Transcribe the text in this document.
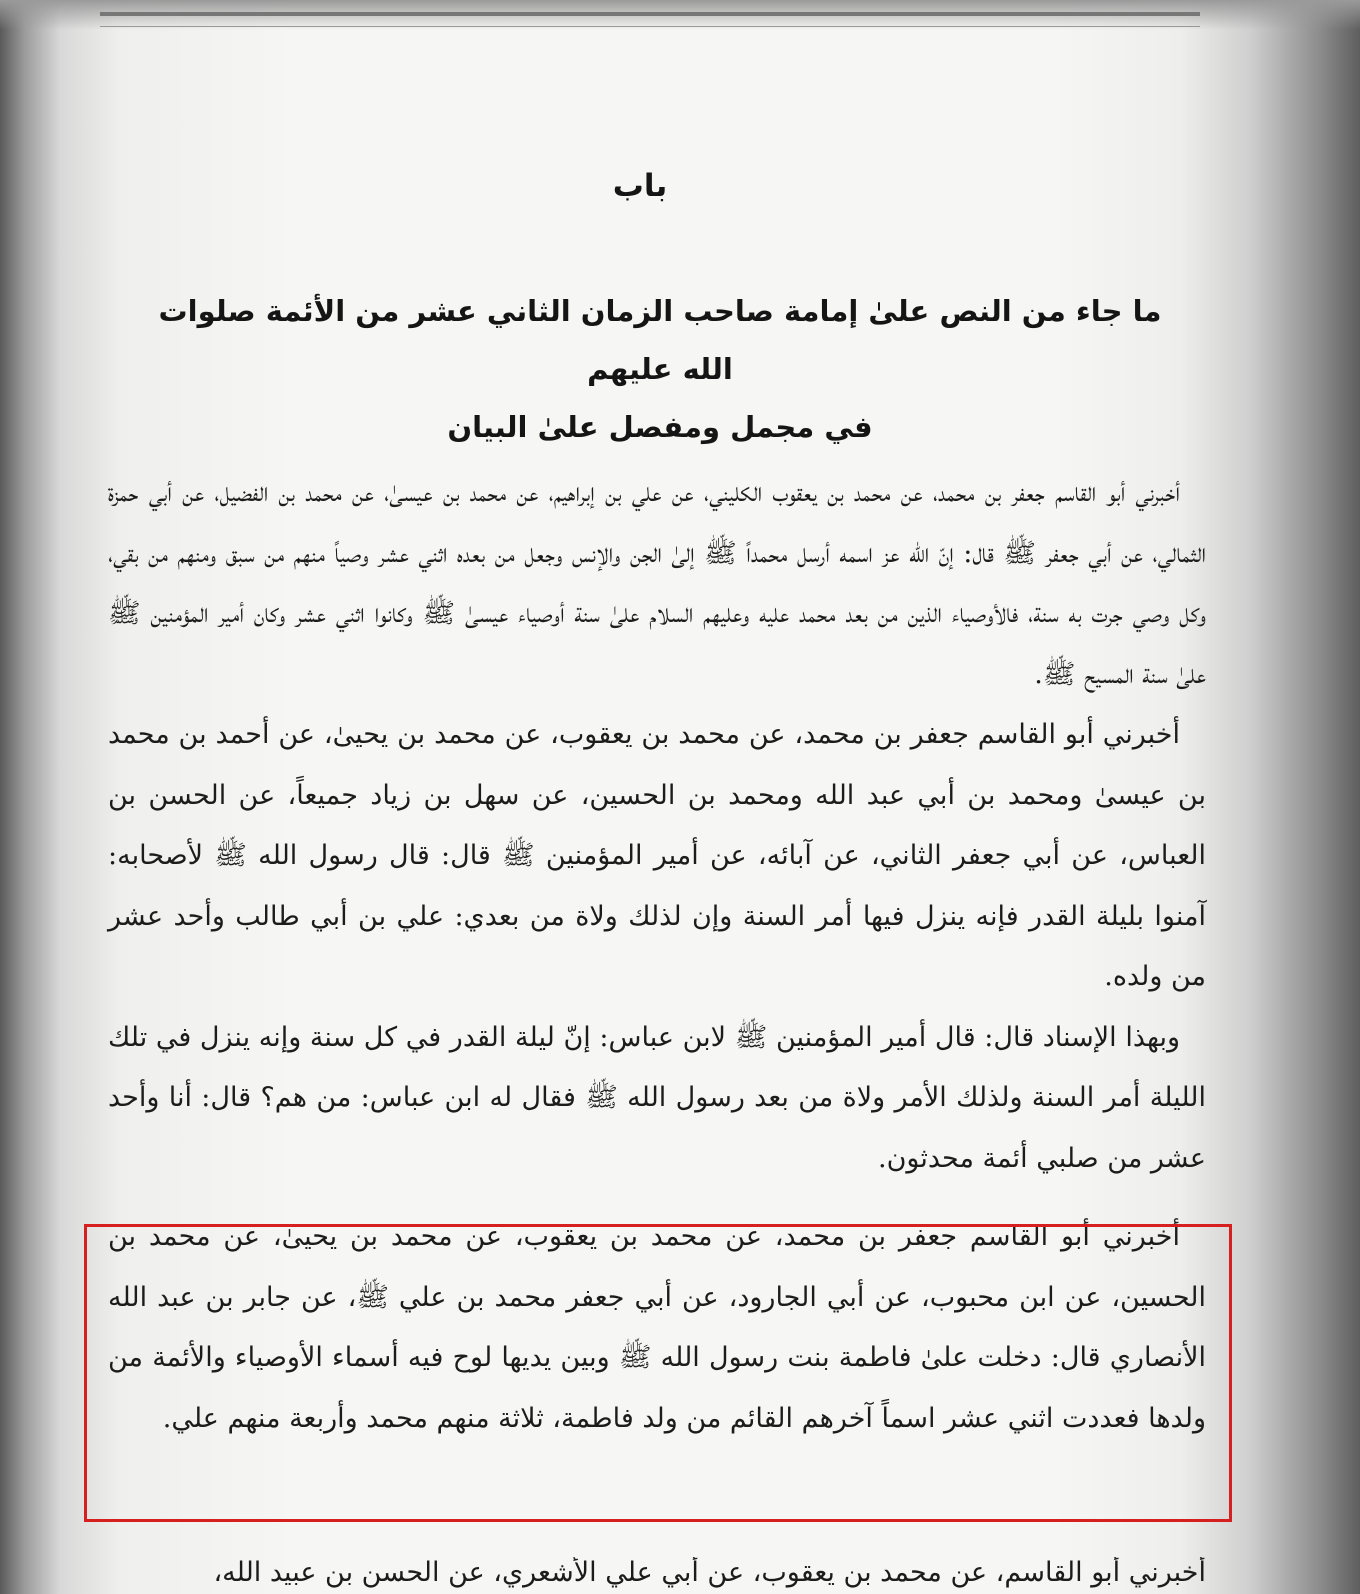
باب
ما جاء من النص علىٰ إمامة صاحب الزمان الثاني عشر من الأئمة صلوات الله عليهم
في مجمل ومفصل علىٰ البيان

أخبرني أبو القاسم جعفر بن محمد، عن محمد بن يعقوب الكليني، عن علي بن إبراهيم، عن محمد بن عيسىٰ، عن محمد بن الفضيل، عن أبي حمزة الثمالي، عن أبي جعفر ﷺ قال: إنّ الله عز اسمه أرسل محمداً ﷺ إلىٰ الجن والإنس وجعل من بعده اثني عشر وصياً منهم من سبق ومنهم من بقي، وكل وصي جرت به سنة، فالأوصياء الذين من بعد محمد عليه وعليهم السلام علىٰ سنة أوصياء عيسىٰ ﷺ وكانوا اثني عشر وكان أمير المؤمنين ﷺ علىٰ سنة المسيح ﷺ.

أخبرني أبو القاسم جعفر بن محمد، عن محمد بن يعقوب، عن محمد بن يحيىٰ، عن أحمد بن محمد بن عيسىٰ ومحمد بن أبي عبد الله ومحمد بن الحسين، عن سهل بن زياد جميعاً، عن الحسن بن العباس، عن أبي جعفر الثاني، عن آبائه، عن أمير المؤمنين ﷺ قال: قال رسول الله ﷺ لأصحابه: آمنوا بليلة القدر فإنه ينزل فيها أمر السنة وإن لذلك ولاة من بعدي: علي بن أبي طالب وأحد عشر من ولده.

وبهذا الإسناد قال: قال أمير المؤمنين ﷺ لابن عباس: إنّ ليلة القدر في كل سنة وإنه ينزل في تلك الليلة أمر السنة ولذلك الأمر ولاة من بعد رسول الله ﷺ فقال له ابن عباس: من هم؟ قال: أنا وأحد عشر من صلبي أئمة محدثون.

أخبرني أبو القاسم جعفر بن محمد، عن محمد بن يعقوب، عن محمد بن يحيىٰ، عن محمد بن الحسين، عن ابن محبوب، عن أبي الجارود، عن أبي جعفر محمد بن علي ﷺ، عن جابر بن عبد الله الأنصاري قال: دخلت علىٰ فاطمة بنت رسول الله ﷺ وبين يديها لوح فيه أسماء الأوصياء والأئمة من ولدها فعددت اثني عشر اسماً آخرهم القائم من ولد فاطمة، ثلاثة منهم محمد وأربعة منهم علي.

أخبرني أبو القاسم، عن محمد بن يعقوب، عن أبي علي الأشعري، عن الحسن بن عبيد الله،
